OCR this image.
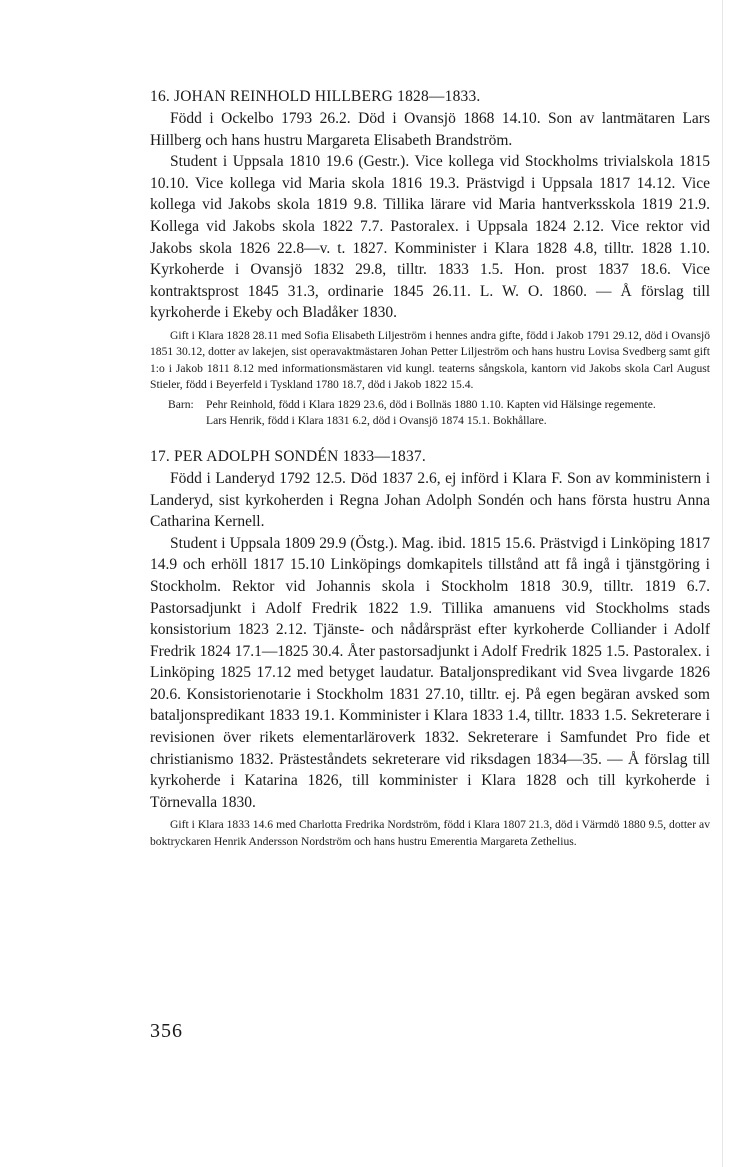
16. JOHAN REINHOLD HILLBERG 1828—1833.

Född i Ockelbo 1793 26.2. Död i Ovansjö 1868 14.10. Son av lantmätaren Lars Hillberg och hans hustru Margareta Elisabeth Brandström.

Student i Uppsala 1810 19.6 (Gestr.). Vice kollega vid Stockholms trivialskola 1815 10.10. Vice kollega vid Maria skola 1816 19.3. Prästvigd i Uppsala 1817 14.12. Vice kollega vid Jakobs skola 1819 9.8. Tillika lärare vid Maria hantverksskola 1819 21.9. Kollega vid Jakobs skola 1822 7.7. Pastoralex. i Uppsala 1824 2.12. Vice rektor vid Jakobs skola 1826 22.8—v. t. 1827. Komminister i Klara 1828 4.8, tilltr. 1828 1.10. Kyrkoherde i Ovansjö 1832 29.8, tilltr. 1833 1.5. Hon. prost 1837 18.6. Vice kontraktsprost 1845 31.3, ordinarie 1845 26.11. L. W. O. 1860. — Å förslag till kyrkoherde i Ekeby och Bladåker 1830.

Gift i Klara 1828 28.11 med Sofia Elisabeth Liljeström i hennes andra gifte, född i Jakob 1791 29.12, död i Ovansjö 1851 30.12, dotter av lakejen, sist operavaktmästaren Johan Petter Liljeström och hans hustru Lovisa Svedberg samt gift 1:o i Jakob 1811 8.12 med informationsmästaren vid kungl. teaterns sångskola, kantorn vid Jakobs skola Carl August Stieler, född i Beyerfeld i Tyskland 1780 18.7, död i Jakob 1822 15.4.

Barn: Pehr Reinhold, född i Klara 1829 23.6, död i Bollnäs 1880 1.10. Kapten vid Hälsinge regemente.
Lars Henrik, född i Klara 1831 6.2, död i Ovansjö 1874 15.1. Bokhållare.

17. PER ADOLPH SONDÉN 1833—1837.

Född i Landeryd 1792 12.5. Död 1837 2.6, ej införd i Klara F. Son av komministern i Landeryd, sist kyrkoherden i Regna Johan Adolph Sondén och hans första hustru Anna Catharina Kernell.

Student i Uppsala 1809 29.9 (Östg.). Mag. ibid. 1815 15.6. Prästvigd i Linköping 1817 14.9 och erhöll 1817 15.10 Linköpings domkapitels tillstånd att få ingå i tjänstgöring i Stockholm. Rektor vid Johannis skola i Stockholm 1818 30.9, tilltr. 1819 6.7. Pastorsadjunkt i Adolf Fredrik 1822 1.9. Tillika amanuens vid Stockholms stads konsistorium 1823 2.12. Tjänste- och nådårspräst efter kyrkoherde Colliander i Adolf Fredrik 1824 17.1—1825 30.4. Åter pastorsadjunkt i Adolf Fredrik 1825 1.5. Pastoralex. i Linköping 1825 17.12 med betyget laudatur. Bataljonspredikant vid Svea livgarde 1826 20.6. Konsistorienotarie i Stockholm 1831 27.10, tilltr. ej. På egen begäran avsked som bataljonspredikant 1833 19.1. Komminister i Klara 1833 1.4, tilltr. 1833 1.5. Sekreterare i revisionen över rikets elementarläroverk 1832. Sekreterare i Samfundet Pro fide et christianismo 1832. Prästeståndets sekreterare vid riksdagen 1834—35. — Å förslag till kyrkoherde i Katarina 1826, till komminister i Klara 1828 och till kyrkoherde i Törnevalla 1830.

Gift i Klara 1833 14.6 med Charlotta Fredrika Nordström, född i Klara 1807 21.3, död i Värmdö 1880 9.5, dotter av boktryckaren Henrik Andersson Nordström och hans hustru Emerentia Margareta Zethelius.

356
